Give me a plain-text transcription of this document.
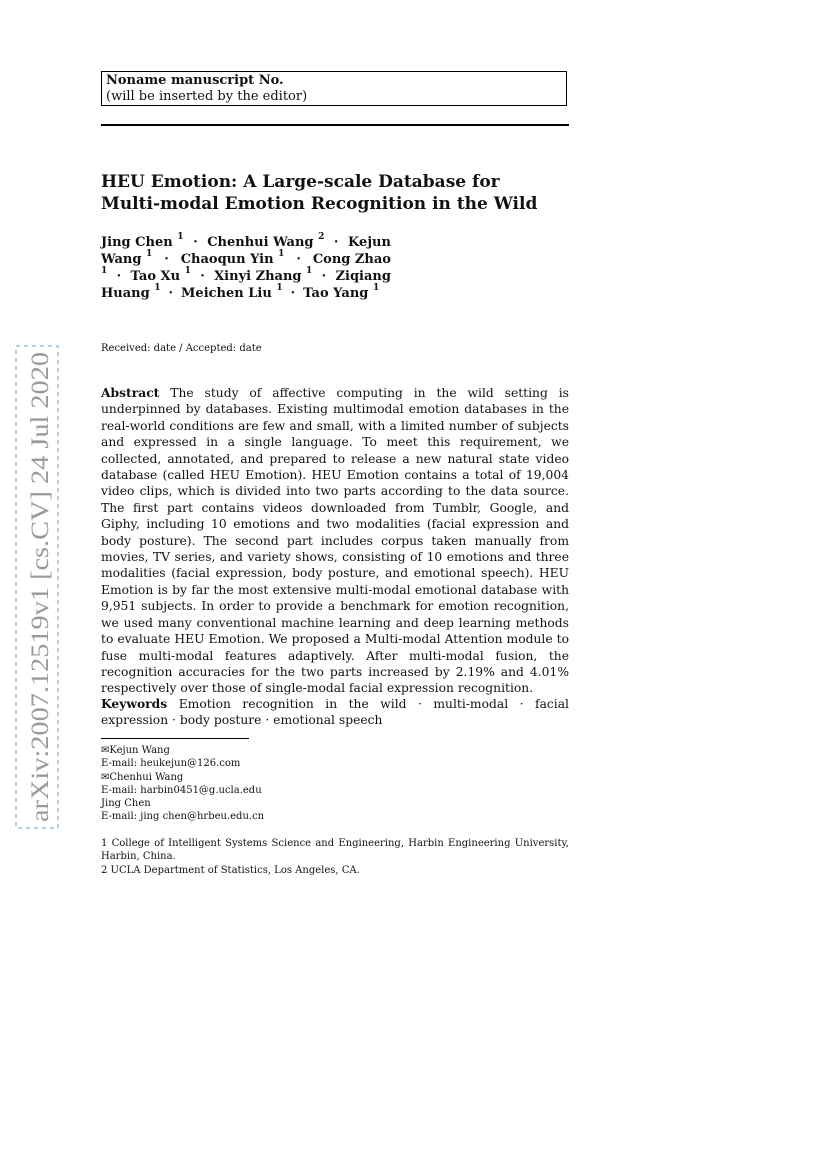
Noname manuscript No.
(will be inserted by the editor)
HEU Emotion: A Large-scale Database for
Multi-modal Emotion Recognition in the Wild
Jing Chen $^1$ · Chenhui Wang $^2$ · Kejun
Wang $^1$ · Chaoqun Yin $^1$ · Cong Zhao
$^1$ · Tao Xu $^1$ · Xinyi Zhang $^1$ · Ziqiang
Huang $^1$ · Meichen Liu $^1$ · Tao Yang $^1$
Received: date / Accepted: date
Abstract The study of affective computing in the wild setting is underpinned by databases. Existing multimodal emotion databases in the real-world conditions are few and small, with a limited number of subjects and expressed in a single language. To meet this requirement, we collected, annotated, and prepared to release a new natural state video database (called HEU Emotion). HEU Emotion contains a total of 19,004 video clips, which is divided into two parts according to the data source. The first part contains videos downloaded from Tumblr, Google, and Giphy, including 10 emotions and two modalities (facial expression and body posture). The second part includes corpus taken manually from movies, TV series, and variety shows, consisting of 10 emotions and three modalities (facial expression, body posture, and emotional speech). HEU Emotion is by far the most extensive multi-modal emotional database with 9,951 subjects. In order to provide a benchmark for emotion recognition, we used many conventional machine learning and deep learning methods to evaluate HEU Emotion. We proposed a Multi-modal Attention module to fuse multi-modal features adaptively. After multi-modal fusion, the recognition accuracies for the two parts increased by 2.19% and 4.01% respectively over those of single-modal facial expression recognition.
Keywords Emotion recognition in the wild · multi-modal · facial expression · body posture · emotional speech
✉Kejun Wang
E-mail: heukejun@126.com
✉Chenhui Wang
E-mail: harbin0451@g.ucla.edu
Jing Chen
E-mail: jing chen@hrbeu.edu.cn
1 College of Intelligent Systems Science and Engineering, Harbin Engineering University, Harbin, China.
2 UCLA Department of Statistics, Los Angeles, CA.
arXiv:2007.12519v1 [cs.CV] 24 Jul 2020
